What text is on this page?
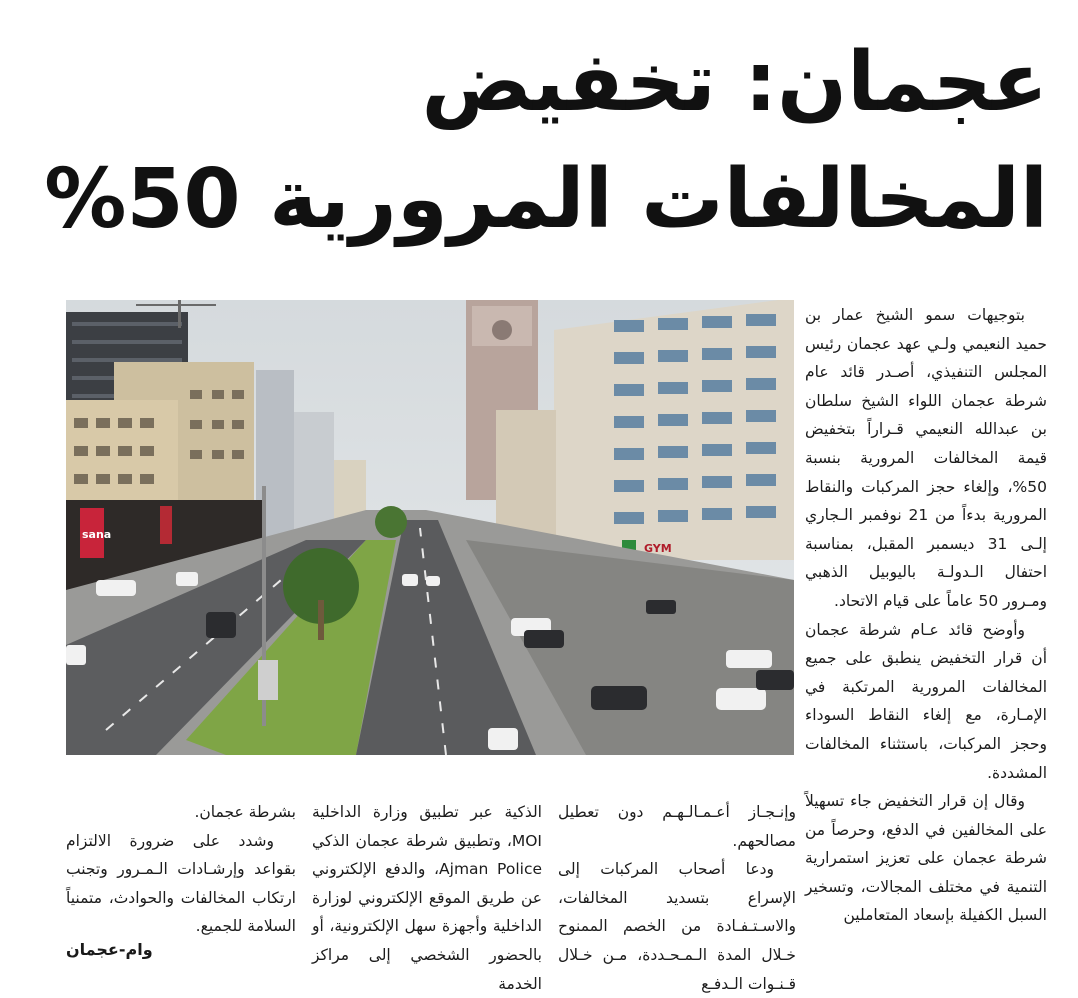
عجمان: تخفيض
المخالفات المرورية 50%
sana
GYM

بتوجيهات سمو الشيخ عمار بن حميد النعيمي ولـي عهد عجمان رئيس المجلس التنفيذي، أصـدر قائد عام شرطة عجمان اللواء الشيخ سلطان بن عبدالله النعيمي قـراراً بتخفيض قيمة المخالفات المرورية بنسبة 50%، وإلغاء حجز المركبات والنقاط المرورية بدءاً من 21 نوفمبر الـجاري إلـى 31 ديسمبر المقبل، بمناسبة احتفال الـدولـة باليوبيل الذهبي ومـرور 50 عاماً على قيام الاتحاد.

وأوضح قائد عـام شرطة عجمان أن قرار التخفيض ينطبق على جميع المخالفات المرورية المرتكبة في الإمـارة، مع إلغاء النقاط السوداء وحجز المركبات، باستثناء المخالفات المشددة.

وقال إن قرار التخفيض جاء تسهيلاً على المخالفين في الدفع، وحرصاً من شرطة عجمان على تعزيز استمرارية التنمية في مختلف المجالات، وتسخير السبل الكفيلة بإسعاد المتعاملين

وإنـجـاز أعـمـالـهـم دون تعطيل مصالحهم.

ودعا أصحاب المركبات إلى الإسراع بتسديد المخالفات، والاسـتـفـادة من الخصم الممنوح خـلال المدة الـمـحـددة، مـن خـلال قـنـوات الـدفـع

الذكية عبر تطبيق وزارة الداخلية MOI، وتطبيق شرطة عجمان الذكي Ajman Police، والدفع الإلكتروني عن طريق الموقع الإلكتروني لوزارة الداخلية وأجهزة سهل الإلكترونية، أو بالحضور الشخصي إلى مراكز الخدمة

بشرطة عجمان.

وشدد على ضرورة الالتزام بقواعد وإرشـادات الـمـرور وتجنب ارتكاب المخالفات والحوادث، متمنياً السلامة للجميع.

وام-عجمان
